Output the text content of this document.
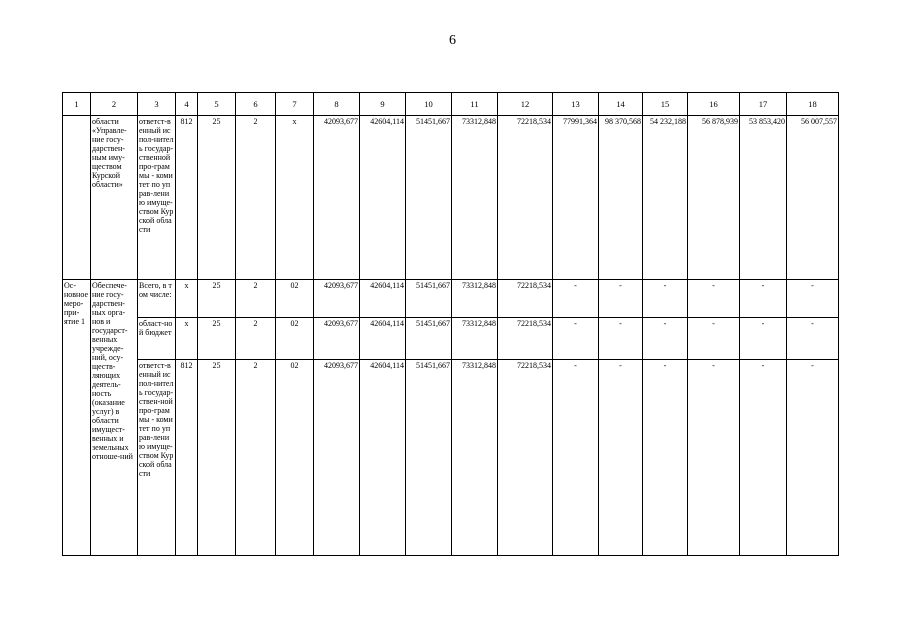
6
1	2	3	4	5	6	7	8	9	10	11	12	13	14	15	16	17	18
	области «Управле-ние госу-дарствен-ным иму-ществом Курской области»	ответст-венный испол-нитель государ-ственной про-граммы - комитет по управ-лению имуще-ством Курской области	812	25	2	x	42093,677	42604,114	51451,667	73312,848	72218,534	77991,364	98 370,568	54 232,188	56 878,939	53 853,420	56 007,557
Ос-новное меро-при-ятие 1	Обеспече-ние госу-дарствен-ных орга-нов и государст-венных учрежде-ний, осу-ществ-ляющих деятель-ность (оказание услуг) в области имущест-венных и земельных отноше-ний	Всего, в том числе:	x	25	2	02	42093,677	42604,114	51451,667	73312,848	72218,534	-	-	-	-	-	-
		област-ной бюджет	x	25	2	02	42093,677	42604,114	51451,667	73312,848	72218,534	-	-	-	-	-	-
		ответст-венный испол-нитель государ-ствен-ной про-граммы - комитет по управ-лению имуще-ством Курской области	812	25	2	02	42093,677	42604,114	51451,667	73312,848	72218,534	-	-	-	-	-	-
